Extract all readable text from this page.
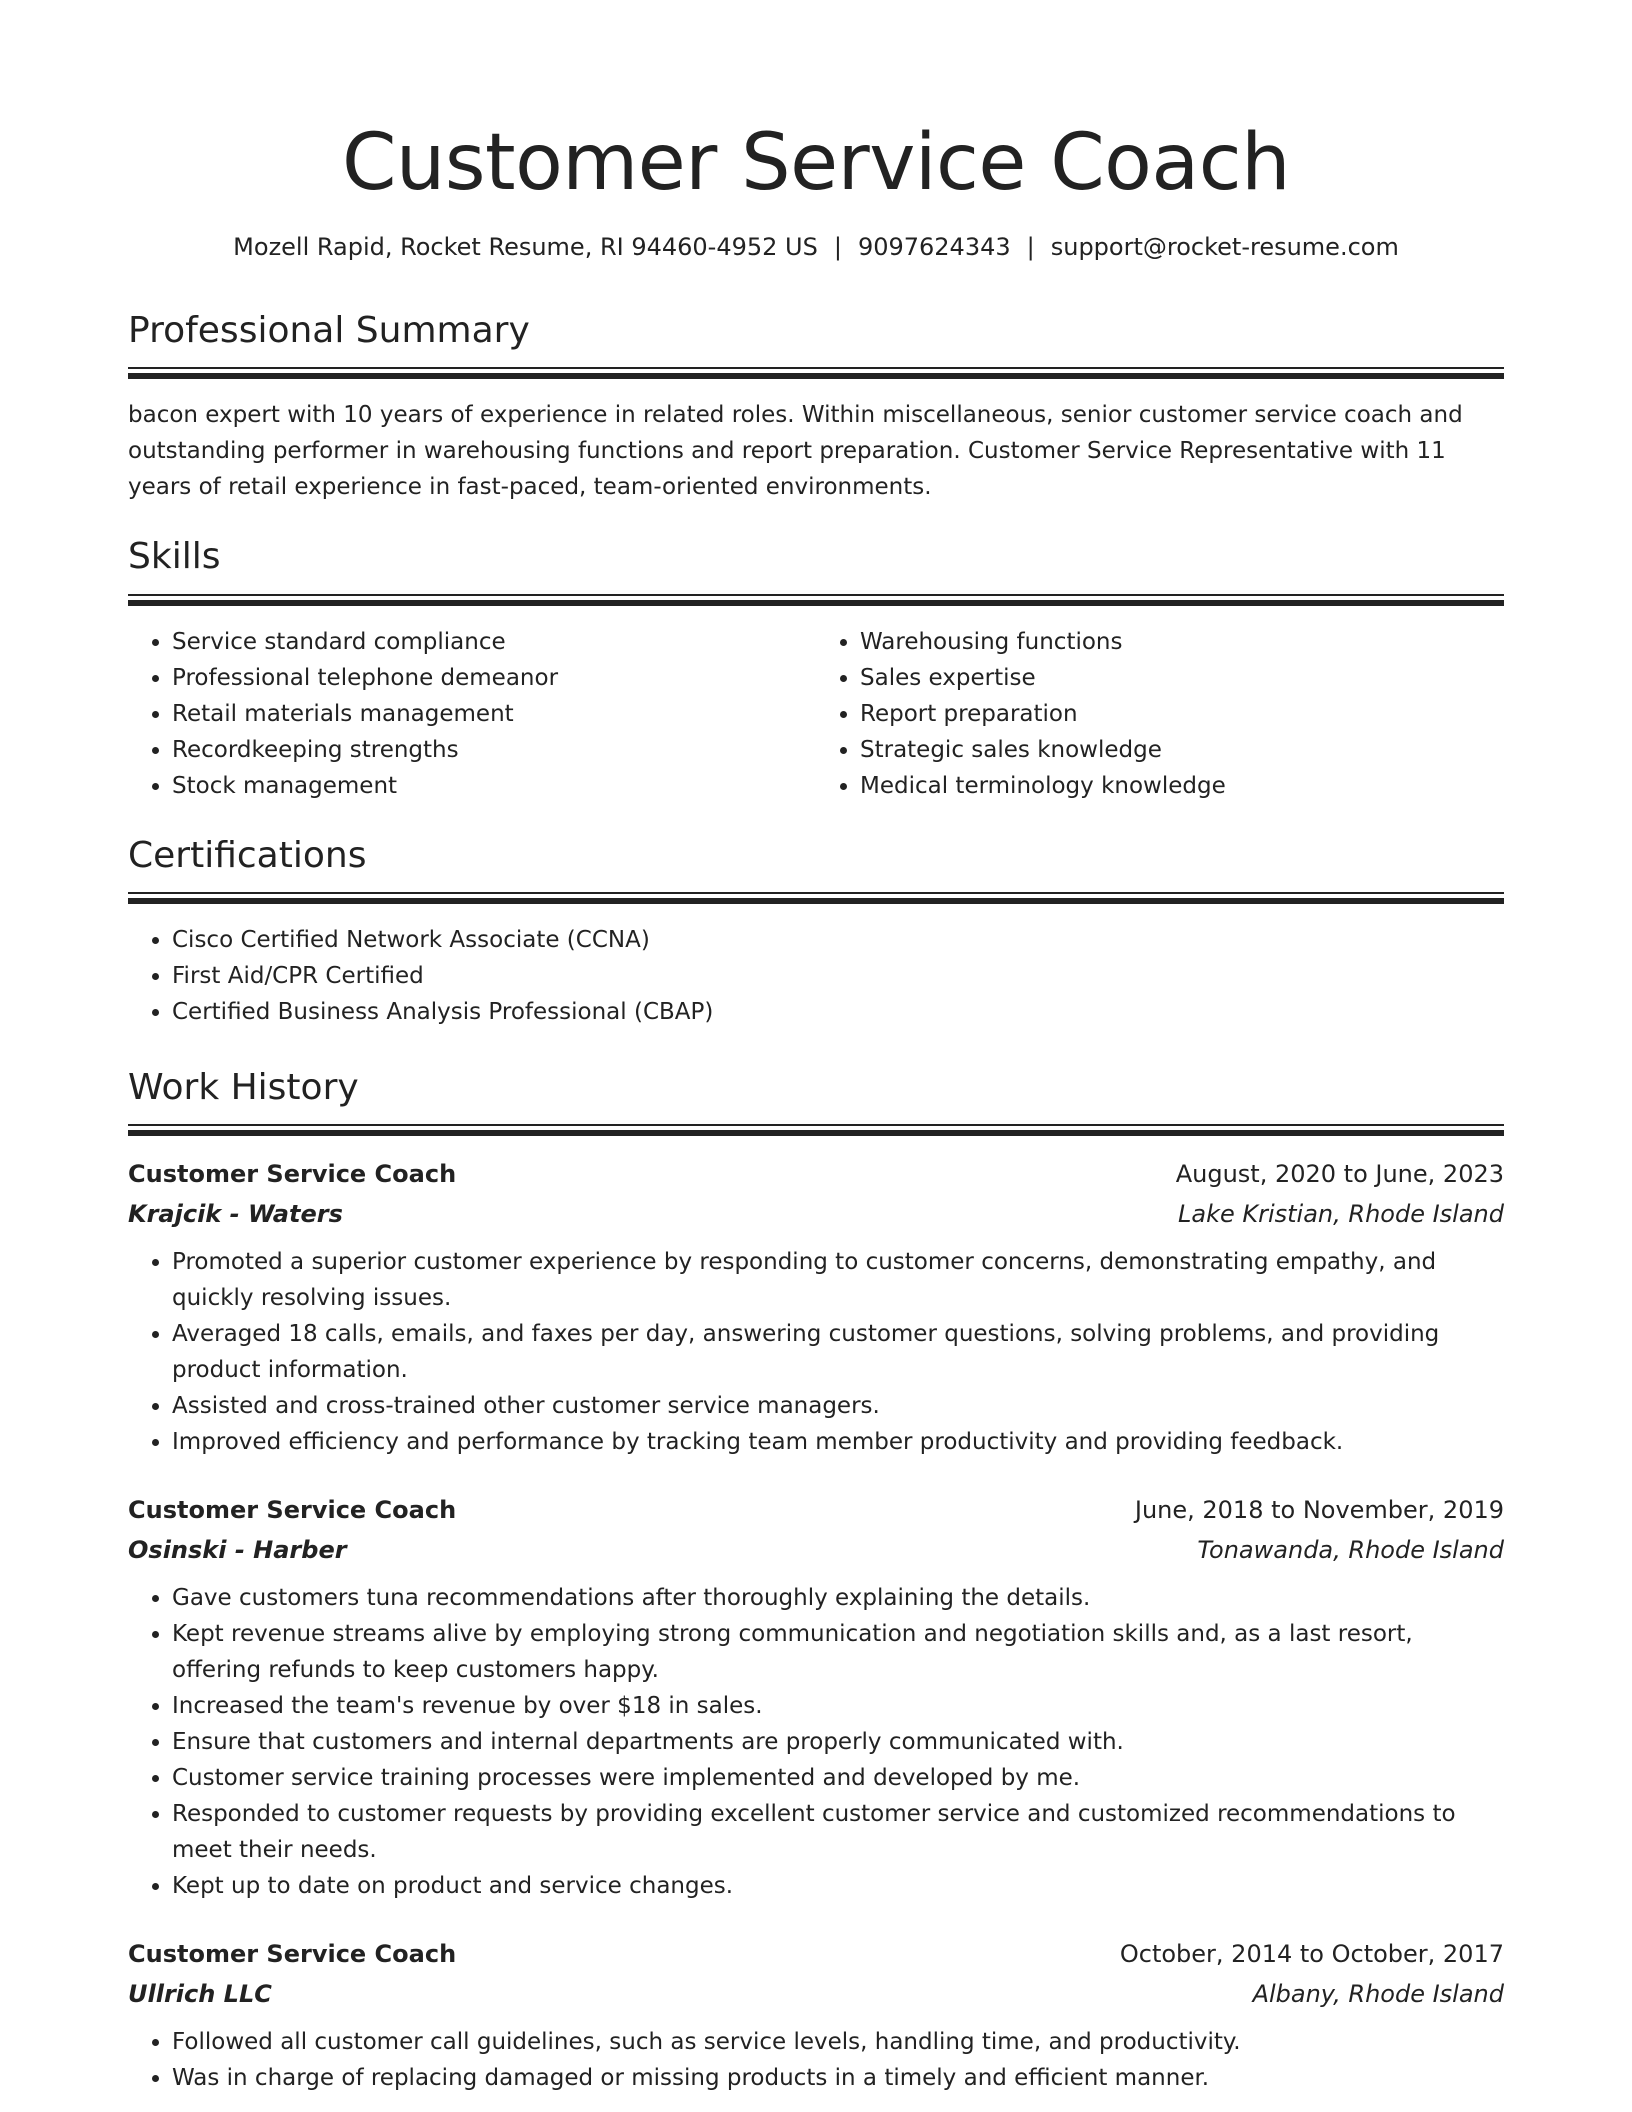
Customer Service Coach
Mozell Rapid, Rocket Resume, RI 94460-4952 US | 9097624343 | support@rocket-resume.com
Professional Summary

bacon expert with 10 years of experience in related roles. Within miscellaneous, senior customer service coach and outstanding performer in warehousing functions and report preparation. Customer Service Representative with 11 years of retail experience in fast-paced, team-oriented environments.

Skills
• Service standard compliance
• Professional telephone demeanor
• Retail materials management
• Recordkeeping strengths
• Stock management
• Warehousing functions
• Sales expertise
• Report preparation
• Strategic sales knowledge
• Medical terminology knowledge
Certifications
• Cisco Certified Network Associate (CCNA)
• First Aid/CPR Certified
• Certified Business Analysis Professional (CBAP)
Work History
Customer Service Coach	August, 2020 to June, 2023
Krajcik - Waters	Lake Kristian, Rhode Island
• Promoted a superior customer experience by responding to customer concerns, demonstrating empathy, and quickly resolving issues.
• Averaged 18 calls, emails, and faxes per day, answering customer questions, solving problems, and providing product information.
• Assisted and cross-trained other customer service managers.
• Improved efficiency and performance by tracking team member productivity and providing feedback.
Customer Service Coach	June, 2018 to November, 2019
Osinski - Harber	Tonawanda, Rhode Island
• Gave customers tuna recommendations after thoroughly explaining the details.
• Kept revenue streams alive by employing strong communication and negotiation skills and, as a last resort, offering refunds to keep customers happy.
• Increased the team's revenue by over $18 in sales.
• Ensure that customers and internal departments are properly communicated with.
• Customer service training processes were implemented and developed by me.
• Responded to customer requests by providing excellent customer service and customized recommendations to meet their needs.
• Kept up to date on product and service changes.
Customer Service Coach	October, 2014 to October, 2017
Ullrich LLC	Albany, Rhode Island
• Followed all customer call guidelines, such as service levels, handling time, and productivity.
• Was in charge of replacing damaged or missing products in a timely and efficient manner.
